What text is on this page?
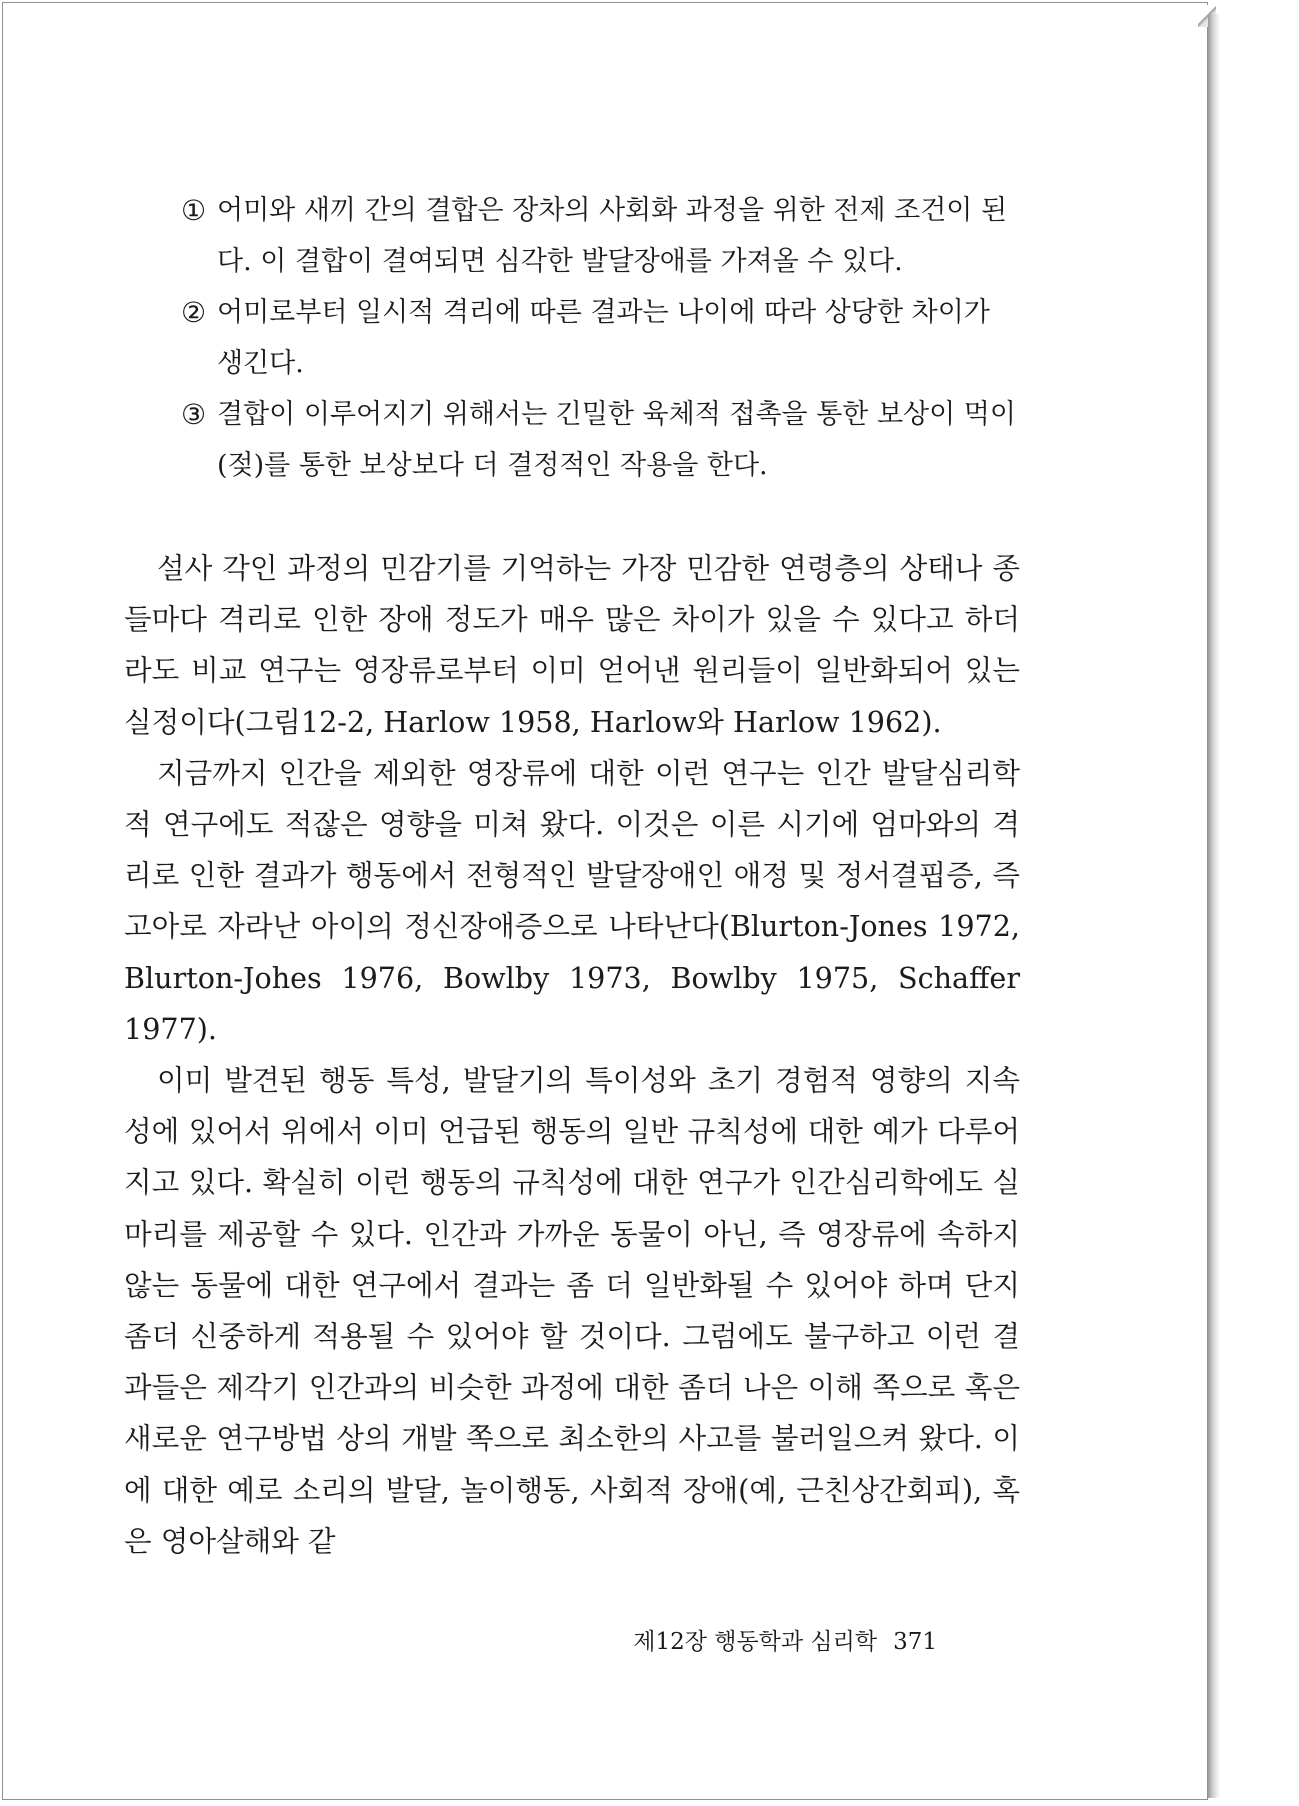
① 어미와 새끼 간의 결합은 장차의 사회화 과정을 위한 전제 조건이 된다. 이 결합이 결여되면 심각한 발달장애를 가져올 수 있다.
② 어미로부터 일시적 격리에 따른 결과는 나이에 따라 상당한 차이가 생긴다.
③ 결합이 이루어지기 위해서는 긴밀한 육체적 접촉을 통한 보상이 먹이(젖)를 통한 보상보다 더 결정적인 작용을 한다.

설사 각인 과정의 민감기를 기억하는 가장 민감한 연령층의 상태나 종들마다 격리로 인한 장애 정도가 매우 많은 차이가 있을 수 있다고 하더라도 비교 연구는 영장류로부터 이미 얻어낸 원리들이 일반화되어 있는 실정이다(그림12-2, Harlow 1958, Harlow와 Harlow 1962).

지금까지 인간을 제외한 영장류에 대한 이런 연구는 인간 발달심리학적 연구에도 적잖은 영향을 미쳐 왔다. 이것은 이른 시기에 엄마와의 격리로 인한 결과가 행동에서 전형적인 발달장애인 애정 및 정서결핍증, 즉 고아로 자라난 아이의 정신장애증으로 나타난다(Blurton-Jones 1972, Blurton-Johes 1976, Bowlby 1973, Bowlby 1975, Schaffer 1977).

이미 발견된 행동 특성, 발달기의 특이성와 초기 경험적 영향의 지속성에 있어서 위에서 이미 언급된 행동의 일반 규칙성에 대한 예가 다루어지고 있다. 확실히 이런 행동의 규칙성에 대한 연구가 인간심리학에도 실마리를 제공할 수 있다. 인간과 가까운 동물이 아닌, 즉 영장류에 속하지 않는 동물에 대한 연구에서 결과는 좀 더 일반화될 수 있어야 하며 단지 좀더 신중하게 적용될 수 있어야 할 것이다. 그럼에도 불구하고 이런 결과들은 제각기 인간과의 비슷한 과정에 대한 좀더 나은 이해 쪽으로 혹은 새로운 연구방법 상의 개발 쪽으로 최소한의 사고를 불러일으켜 왔다. 이에 대한 예로 소리의 발달, 놀이행동, 사회적 장애(예, 근친상간회피), 혹은 영아살해와 같

제12장 행동학과 심리학 371
